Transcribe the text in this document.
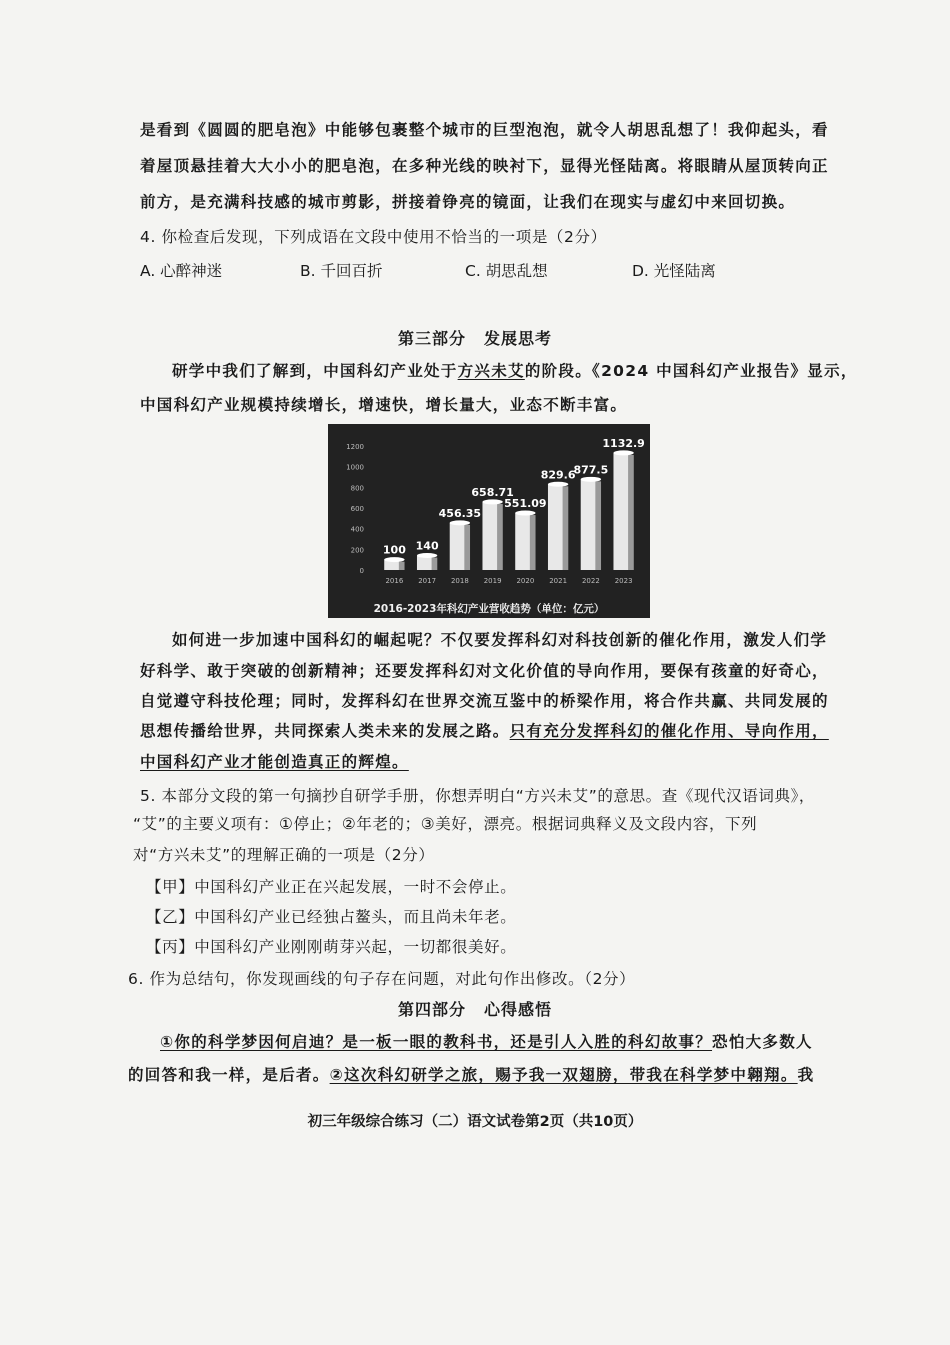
是看到《圆圆的肥皂泡》中能够包裹整个城市的巨型泡泡，就令人胡思乱想了！我仰起头，看
着屋顶悬挂着大大小小的肥皂泡，在多种光线的映衬下，显得光怪陆离。将眼睛从屋顶转向正
前方，是充满科技感的城市剪影，拼接着铮亮的镜面，让我们在现实与虚幻中来回切换。
4. 你检查后发现，下列成语在文段中使用不恰当的一项是（2分）
A. 心醉神迷	B. 千回百折	C. 胡思乱想	D. 光怪陆离
第三部分 发展思考
研学中我们了解到，中国科幻产业处于方兴未艾的阶段。《2024 中国科幻产业报告》显示，
中国科幻产业规模持续增长，增速快，增长量大，业态不断丰富。
100 140
456.35
658.71
551.09
829.6
877.5
1132.9
0
200
400
600
800
1000
1200
2016 2017 2018 2019 2020 2021 2022 2023
2016-2023年科幻产业营收趋势（单位：亿元）
如何进一步加速中国科幻的崛起呢？不仅要发挥科幻对科技创新的催化作用，激发人们学
好科学、敢于突破的创新精神；还要发挥科幻对文化价值的导向作用，要保有孩童的好奇心，
自觉遵守科技伦理；同时，发挥科幻在世界交流互鉴中的桥梁作用，将合作共赢、共同发展的
思想传播给世界，共同探索人类未来的发展之路。只有充分发挥科幻的催化作用、导向作用，
中国科幻产业才能创造真正的辉煌。
5. 本部分文段的第一句摘抄自研学手册，你想弄明白“方兴未艾”的意思。查《现代汉语词典》，
“艾”的主要义项有：①停止；②年老的；③美好，漂亮。根据词典释义及文段内容，下列
对“方兴未艾”的理解正确的一项是（2分）
【甲】中国科幻产业正在兴起发展，一时不会停止。
【乙】中国科幻产业已经独占鳌头，而且尚未年老。
【丙】中国科幻产业刚刚萌芽兴起，一切都很美好。
6. 作为总结句，你发现画线的句子存在问题，对此句作出修改。（2分）
第四部分 心得感悟
①你的科学梦因何启迪？是一板一眼的教科书，还是引人入胜的科幻故事？恐怕大多数人
的回答和我一样，是后者。②这次科幻研学之旅，赐予我一双翅膀，带我在科学梦中翱翔。我
初三年级综合练习（二）语文试卷第2页（共10页）
